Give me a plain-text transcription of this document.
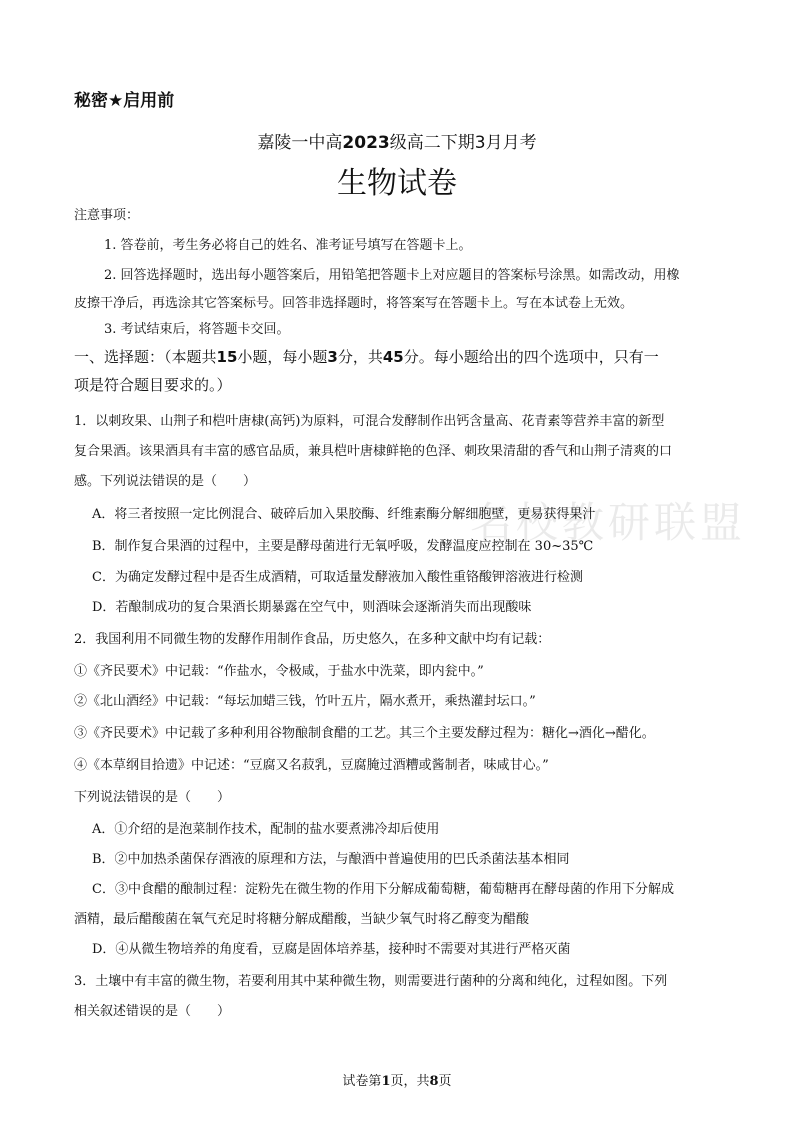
名校教研联盟
秘密★启用前
嘉陵一中高2023级高二下期3月月考
生物试卷
注意事项：
1. 答卷前，考生务必将自己的姓名、准考证号填写在答题卡上。
2. 回答选择题时，选出每小题答案后，用铅笔把答题卡上对应题目的答案标号涂黑。如需改动，用橡
皮擦干净后，再选涂其它答案标号。回答非选择题时，将答案写在答题卡上。写在本试卷上无效。
3. 考试结束后，将答题卡交回。
一、选择题：（本题共15小题，每小题3分，共45分。每小题给出的四个选项中，只有一
项是符合题目要求的。）
1．以刺玫果、山荆子和桤叶唐棣(高钙)为原料，可混合发酵制作出钙含量高、花青素等营养丰富的新型
复合果酒。该果酒具有丰富的感官品质，兼具桤叶唐棣鲜艳的色泽、刺玫果清甜的香气和山荆子清爽的口
感。下列说法错误的是（　　）
A．将三者按照一定比例混合、破碎后加入果胶酶、纤维素酶分解细胞壁，更易获得果汁
B．制作复合果酒的过程中，主要是酵母菌进行无氧呼吸，发酵温度应控制在 30~35℃
C．为确定发酵过程中是否生成酒精，可取适量发酵液加入酸性重铬酸钾溶液进行检测
D．若酿制成功的复合果酒长期暴露在空气中，则酒味会逐渐消失而出现酸味
2．我国利用不同微生物的发酵作用制作食品，历史悠久，在多种文献中均有记载：
①《齐民要术》中记载：“作盐水，令极咸，于盐水中洗菜，即内瓮中。”
②《北山酒经》中记载：“每坛加蜡三钱，竹叶五片，隔水煮开，乘热灌封坛口。”
③《齐民要术》中记载了多种利用谷物酿制食醋的工艺。其三个主要发酵过程为：糖化→酒化→醋化。
④《本草纲目拾遗》中记述：“豆腐又名菽乳，豆腐腌过酒糟或酱制者，味咸甘心。”
下列说法错误的是（　　）
A．①介绍的是泡菜制作技术，配制的盐水要煮沸冷却后使用
B．②中加热杀菌保存酒液的原理和方法，与酿酒中普遍使用的巴氏杀菌法基本相同
C．③中食醋的酿制过程：淀粉先在微生物的作用下分解成葡萄糖，葡萄糖再在酵母菌的作用下分解成
酒精，最后醋酸菌在氧气充足时将糖分解成醋酸，当缺少氧气时将乙醇变为醋酸
D．④从微生物培养的角度看，豆腐是固体培养基，接种时不需要对其进行严格灭菌
3．土壤中有丰富的微生物，若要利用其中某种微生物，则需要进行菌种的分离和纯化，过程如图。下列
相关叙述错误的是（　　）
试卷第1页，共8页
